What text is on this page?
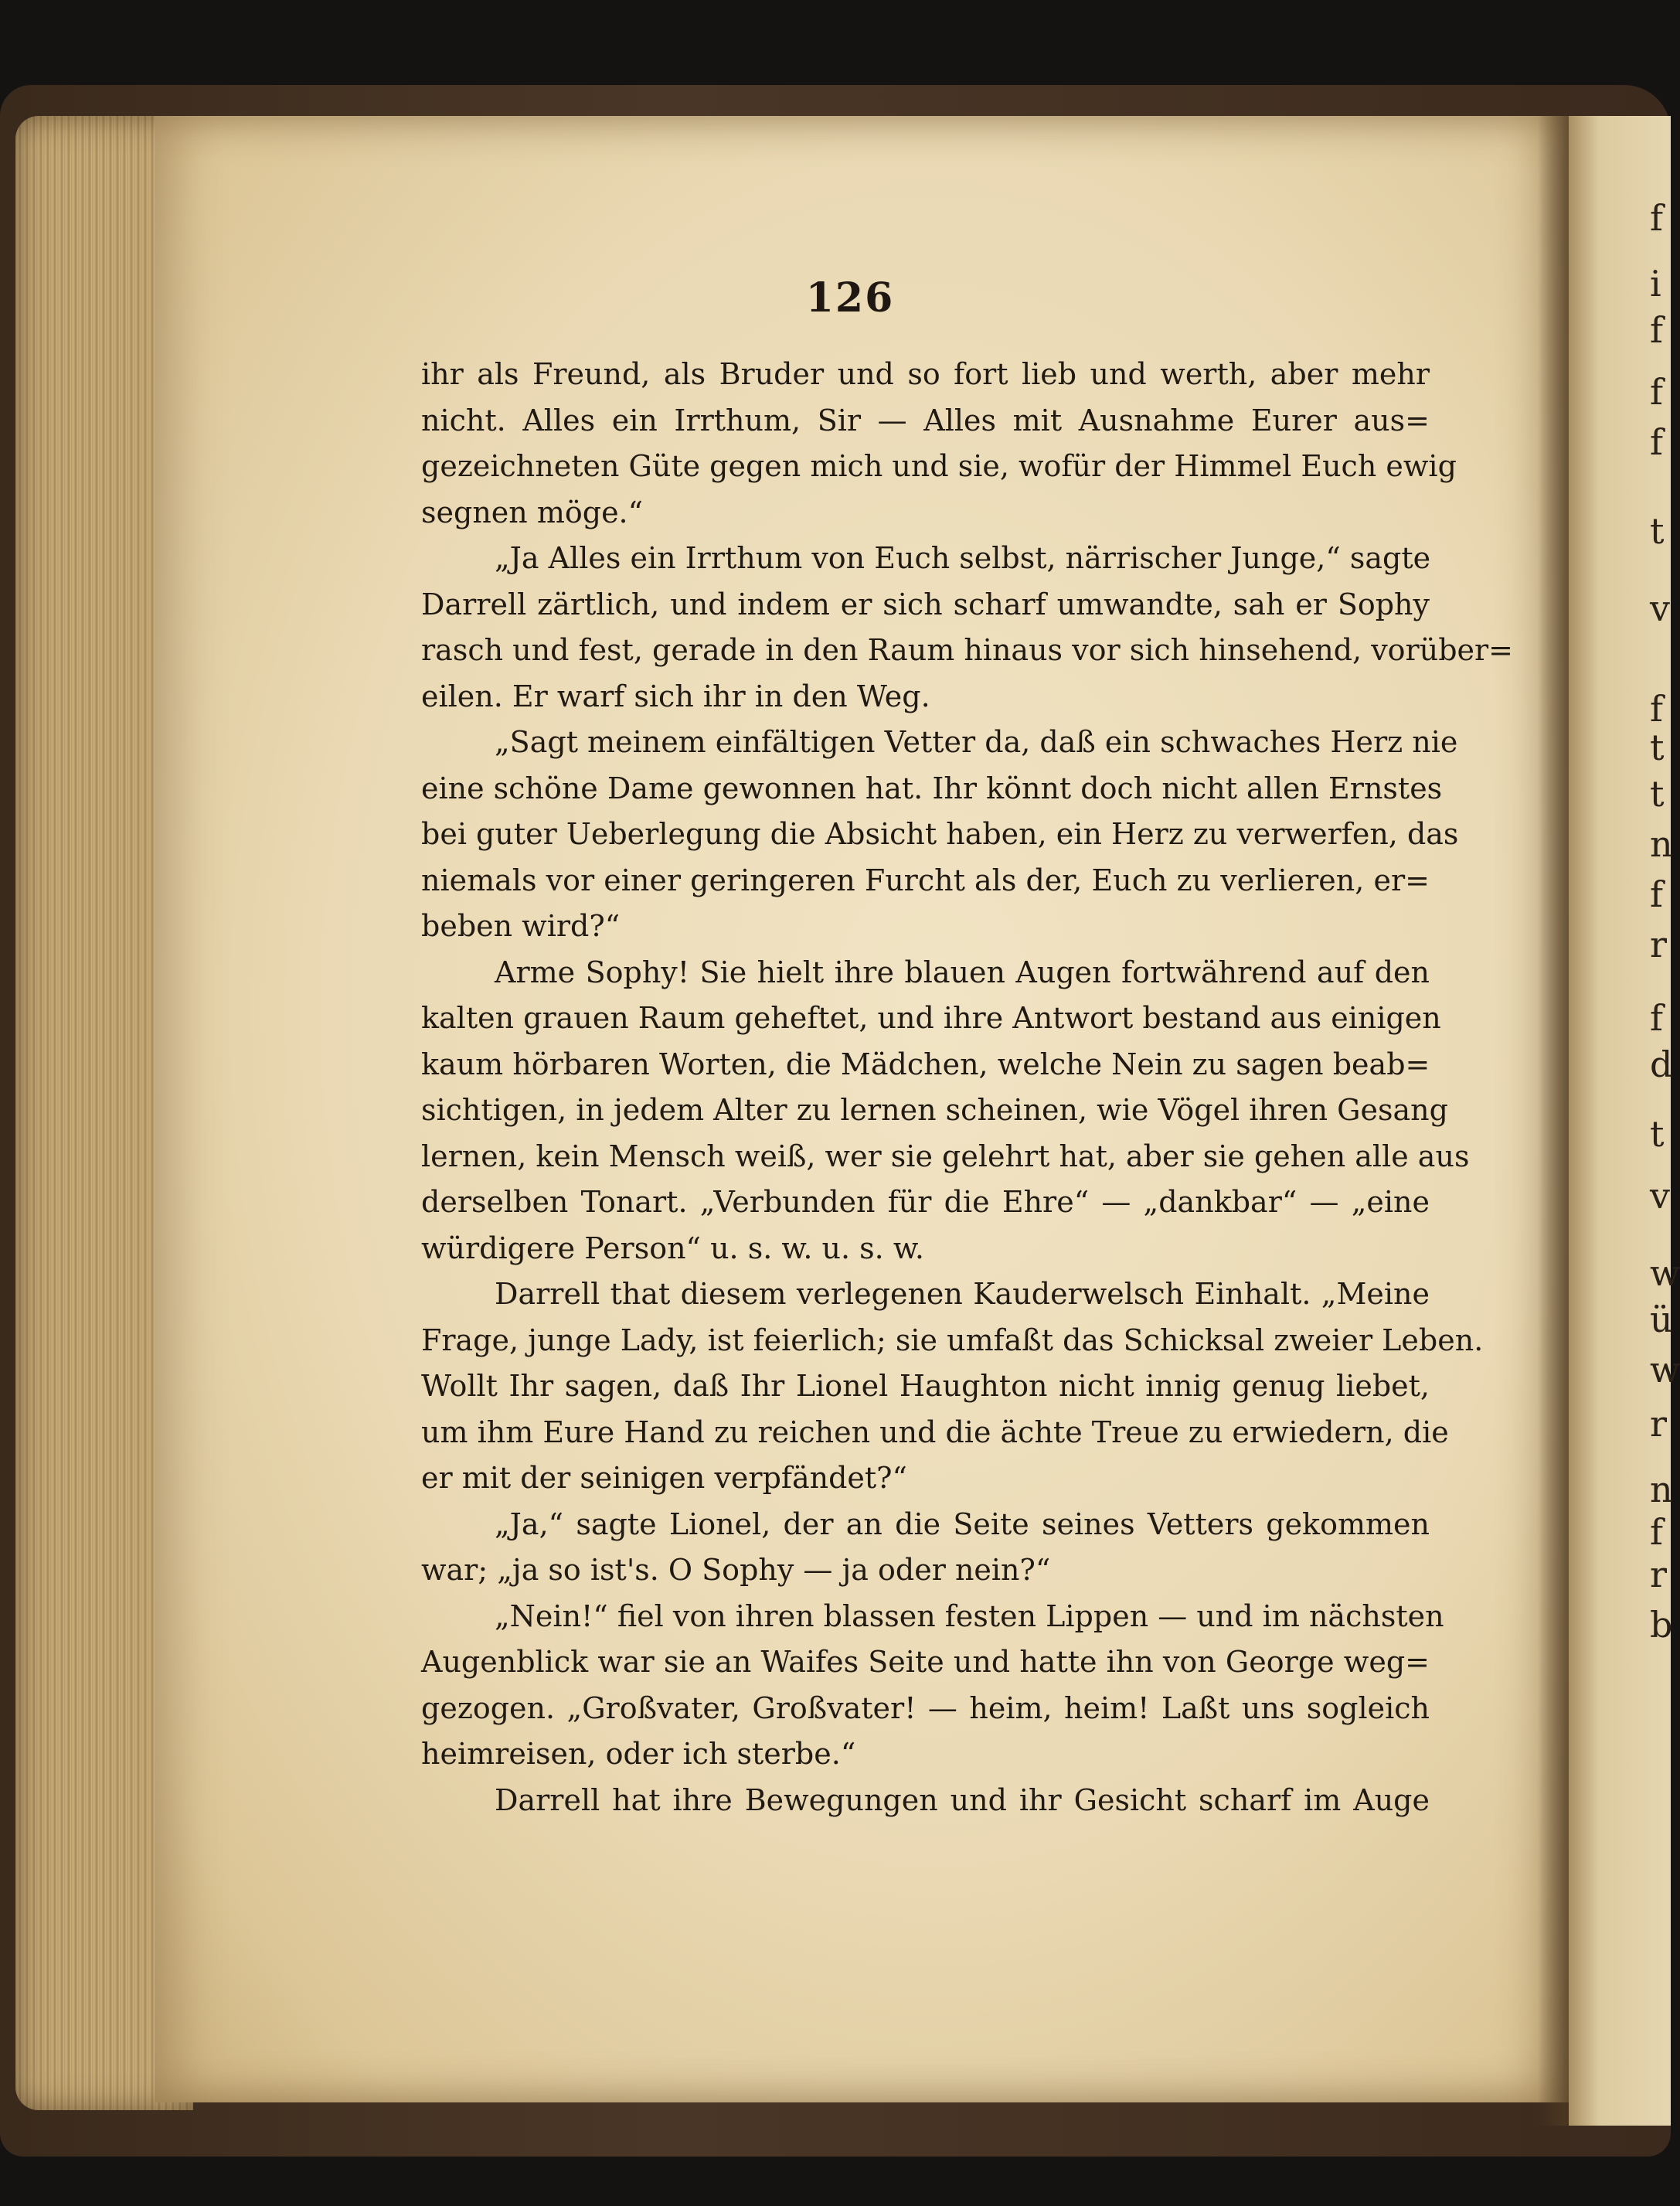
f
i
f
f
f
t
v
f
t
t
n
f
r
f
d
t
v
w
ü
w
r
n
f
r
b
126
ihr als Freund, als Bruder und so fort lieb und werth, aber mehr
nicht. Alles ein Irrthum, Sir — Alles mit Ausnahme Eurer aus=
gezeichneten Güte gegen mich und sie, wofür der Himmel Euch ewig
segnen möge.“
„Ja Alles ein Irrthum von Euch selbst, närrischer Junge,“ sagte
Darrell zärtlich, und indem er sich scharf umwandte, sah er Sophy
rasch und fest, gerade in den Raum hinaus vor sich hinsehend, vorüber=
eilen. Er warf sich ihr in den Weg.
„Sagt meinem einfältigen Vetter da, daß ein schwaches Herz nie
eine schöne Dame gewonnen hat. Ihr könnt doch nicht allen Ernstes
bei guter Ueberlegung die Absicht haben, ein Herz zu verwerfen, das
niemals vor einer geringeren Furcht als der, Euch zu verlieren, er=
beben wird?“
Arme Sophy! Sie hielt ihre blauen Augen fortwährend auf den
kalten grauen Raum geheftet, und ihre Antwort bestand aus einigen
kaum hörbaren Worten, die Mädchen, welche Nein zu sagen beab=
sichtigen, in jedem Alter zu lernen scheinen, wie Vögel ihren Gesang
lernen, kein Mensch weiß, wer sie gelehrt hat, aber sie gehen alle aus
derselben Tonart. „Verbunden für die Ehre“ — „dankbar“ — „eine
würdigere Person“ u. s. w. u. s. w.
Darrell that diesem verlegenen Kauderwelsch Einhalt. „Meine
Frage, junge Lady, ist feierlich; sie umfaßt das Schicksal zweier Leben.
Wollt Ihr sagen, daß Ihr Lionel Haughton nicht innig genug liebet,
um ihm Eure Hand zu reichen und die ächte Treue zu erwiedern, die
er mit der seinigen verpfändet?“
„Ja,“ sagte Lionel, der an die Seite seines Vetters gekommen
war; „ja so ist's. O Sophy — ja oder nein?“
„Nein!“ fiel von ihren blassen festen Lippen — und im nächsten
Augenblick war sie an Waifes Seite und hatte ihn von George weg=
gezogen. „Großvater, Großvater! — heim, heim! Laßt uns sogleich
heimreisen, oder ich sterbe.“
Darrell hat ihre Bewegungen und ihr Gesicht scharf im Auge
